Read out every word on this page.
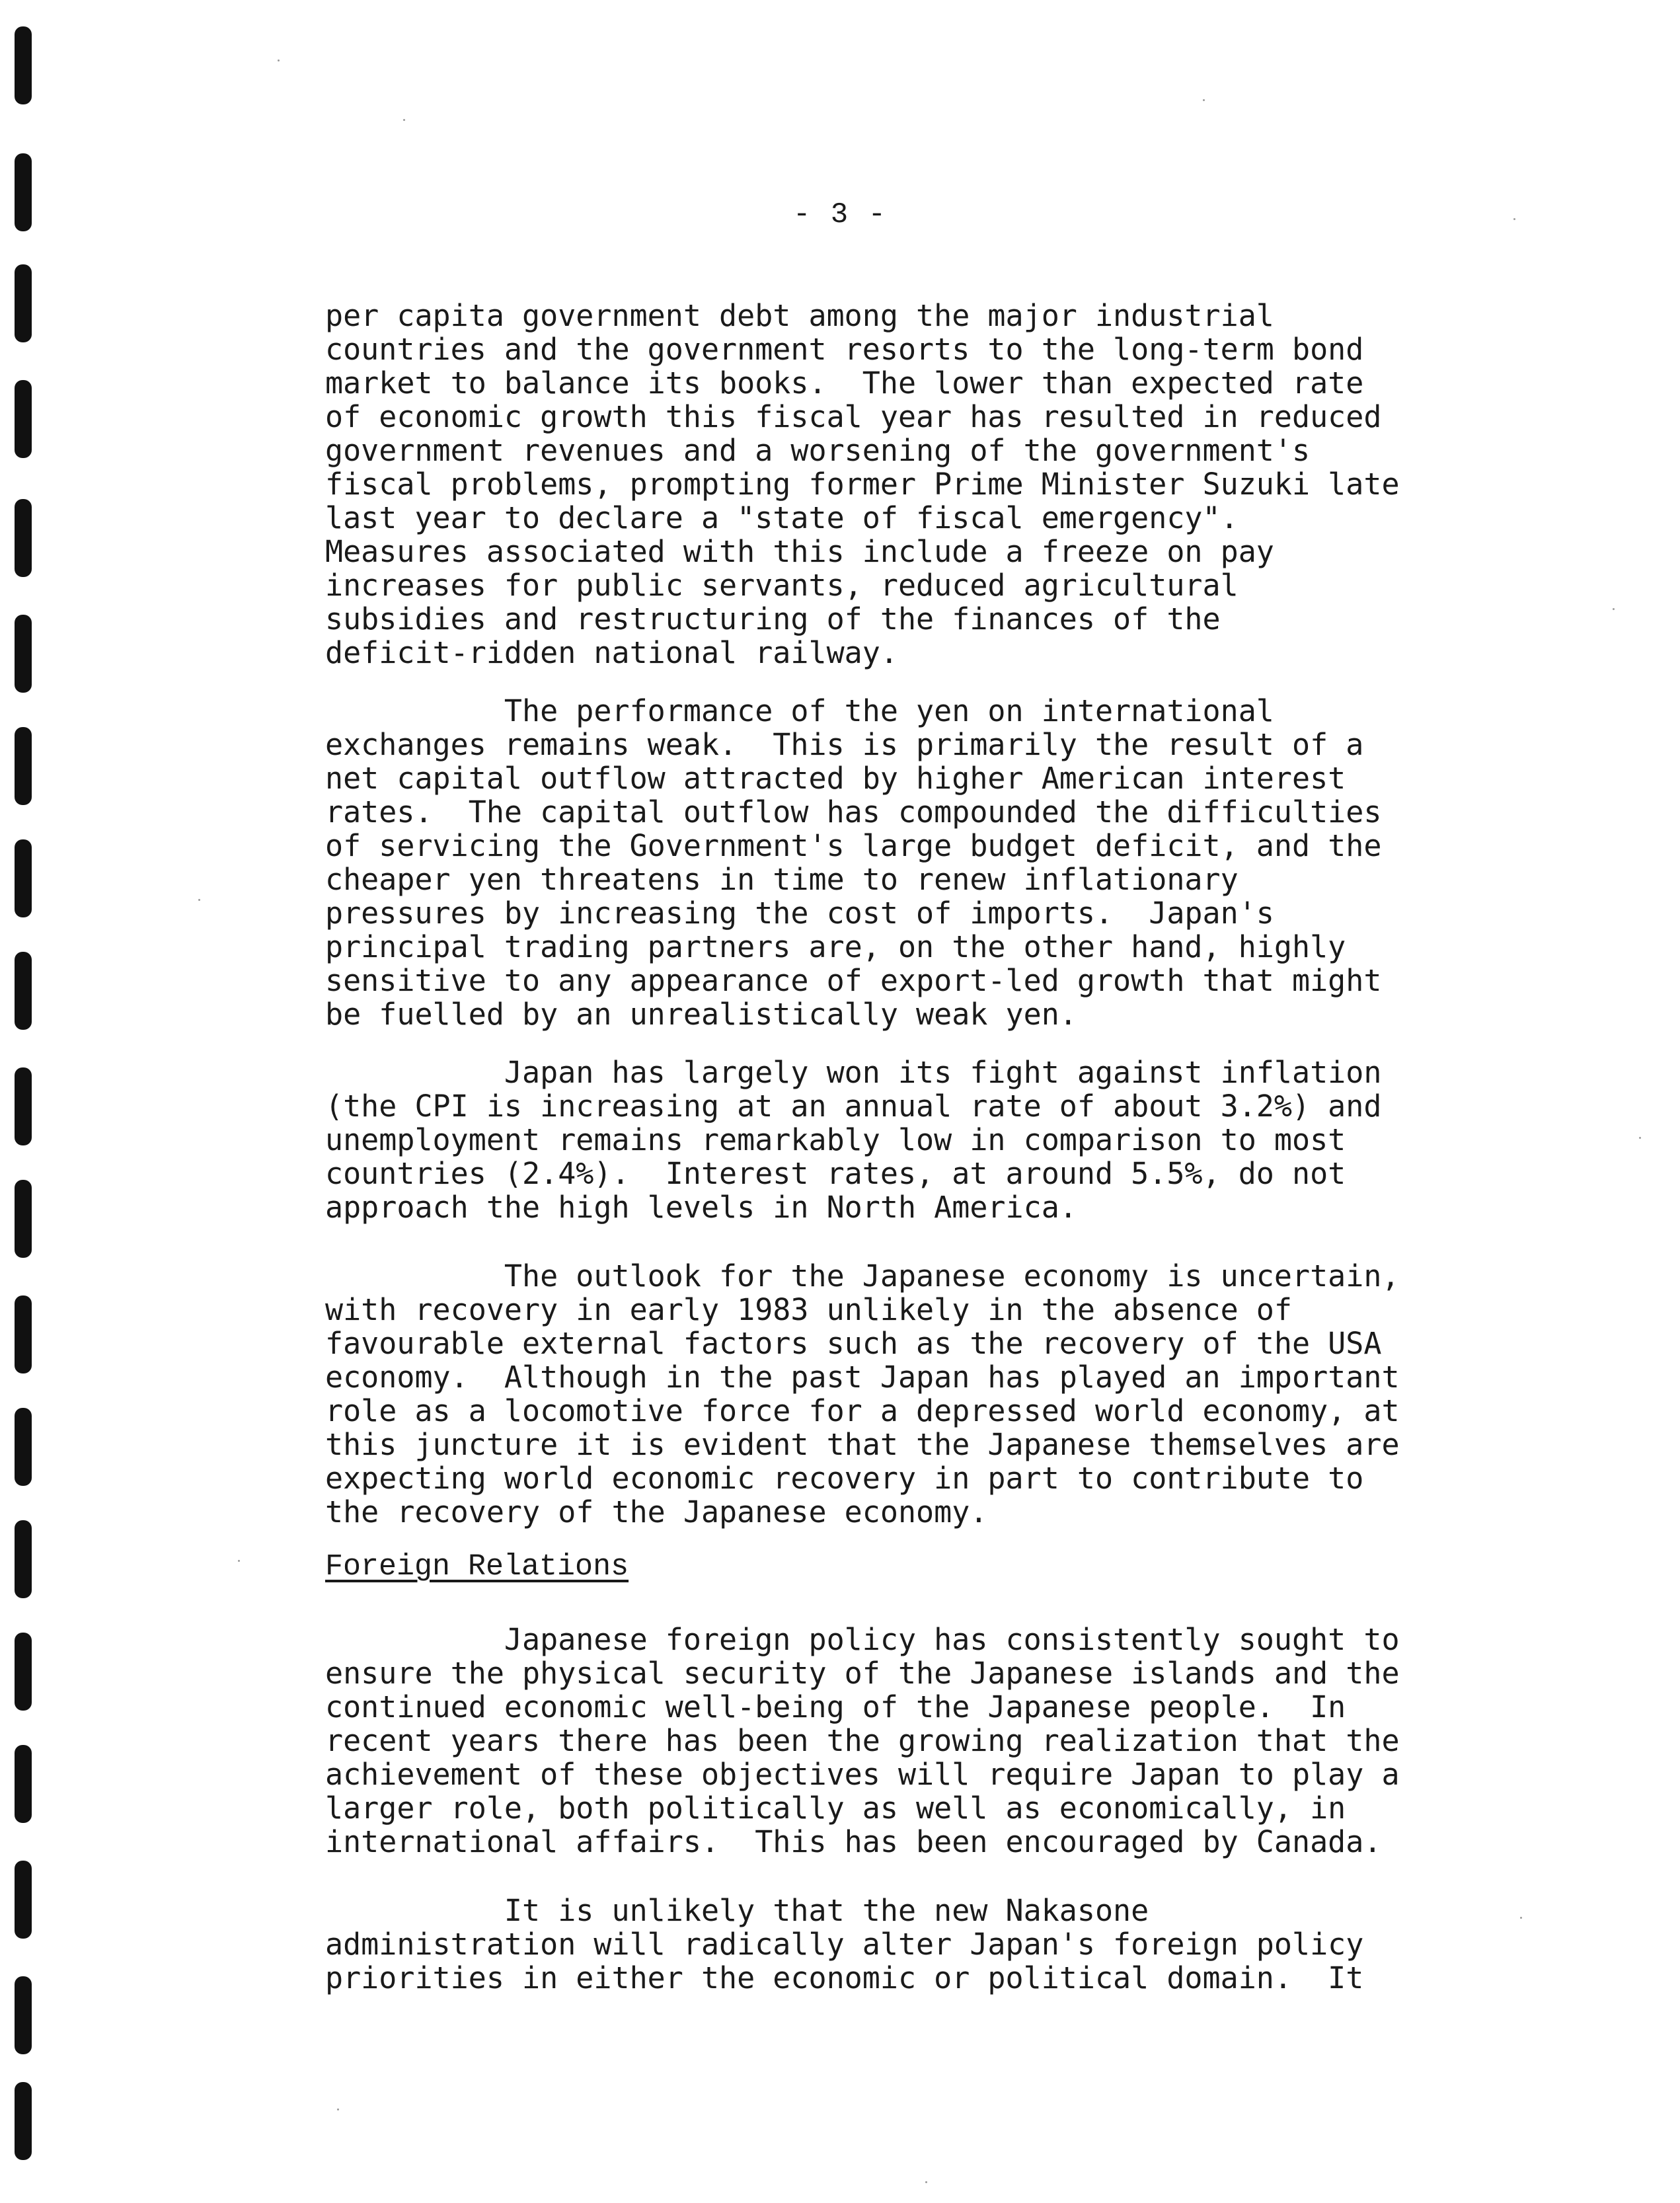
- 3 -
per capita government debt among the major industrial
countries and the government resorts to the long-term bond
market to balance its books.  The lower than expected rate
of economic growth this fiscal year has resulted in reduced
government revenues and a worsening of the government's
fiscal problems, prompting former Prime Minister Suzuki late
last year to declare a "state of fiscal emergency".
Measures associated with this include a freeze on pay
increases for public servants, reduced agricultural
subsidies and restructuring of the finances of the
deficit-ridden national railway.
The performance of the yen on international
exchanges remains weak.  This is primarily the result of a
net capital outflow attracted by higher American interest
rates.  The capital outflow has compounded the difficulties
of servicing the Government's large budget deficit, and the
cheaper yen threatens in time to renew inflationary
pressures by increasing the cost of imports.  Japan's
principal trading partners are, on the other hand, highly
sensitive to any appearance of export-led growth that might
be fuelled by an unrealistically weak yen.
Japan has largely won its fight against inflation
(the CPI is increasing at an annual rate of about 3.2%) and
unemployment remains remarkably low in comparison to most
countries (2.4%).  Interest rates, at around 5.5%, do not
approach the high levels in North America.
The outlook for the Japanese economy is uncertain,
with recovery in early 1983 unlikely in the absence of
favourable external factors such as the recovery of the USA
economy.  Although in the past Japan has played an important
role as a locomotive force for a depressed world economy, at
this juncture it is evident that the Japanese themselves are
expecting world economic recovery in part to contribute to
the recovery of the Japanese economy.
Foreign Relations
Japanese foreign policy has consistently sought to
ensure the physical security of the Japanese islands and the
continued economic well-being of the Japanese people.  In
recent years there has been the growing realization that the
achievement of these objectives will require Japan to play a
larger role, both politically as well as economically, in
international affairs.  This has been encouraged by Canada.
It is unlikely that the new Nakasone
administration will radically alter Japan's foreign policy
priorities in either the economic or political domain.  It
